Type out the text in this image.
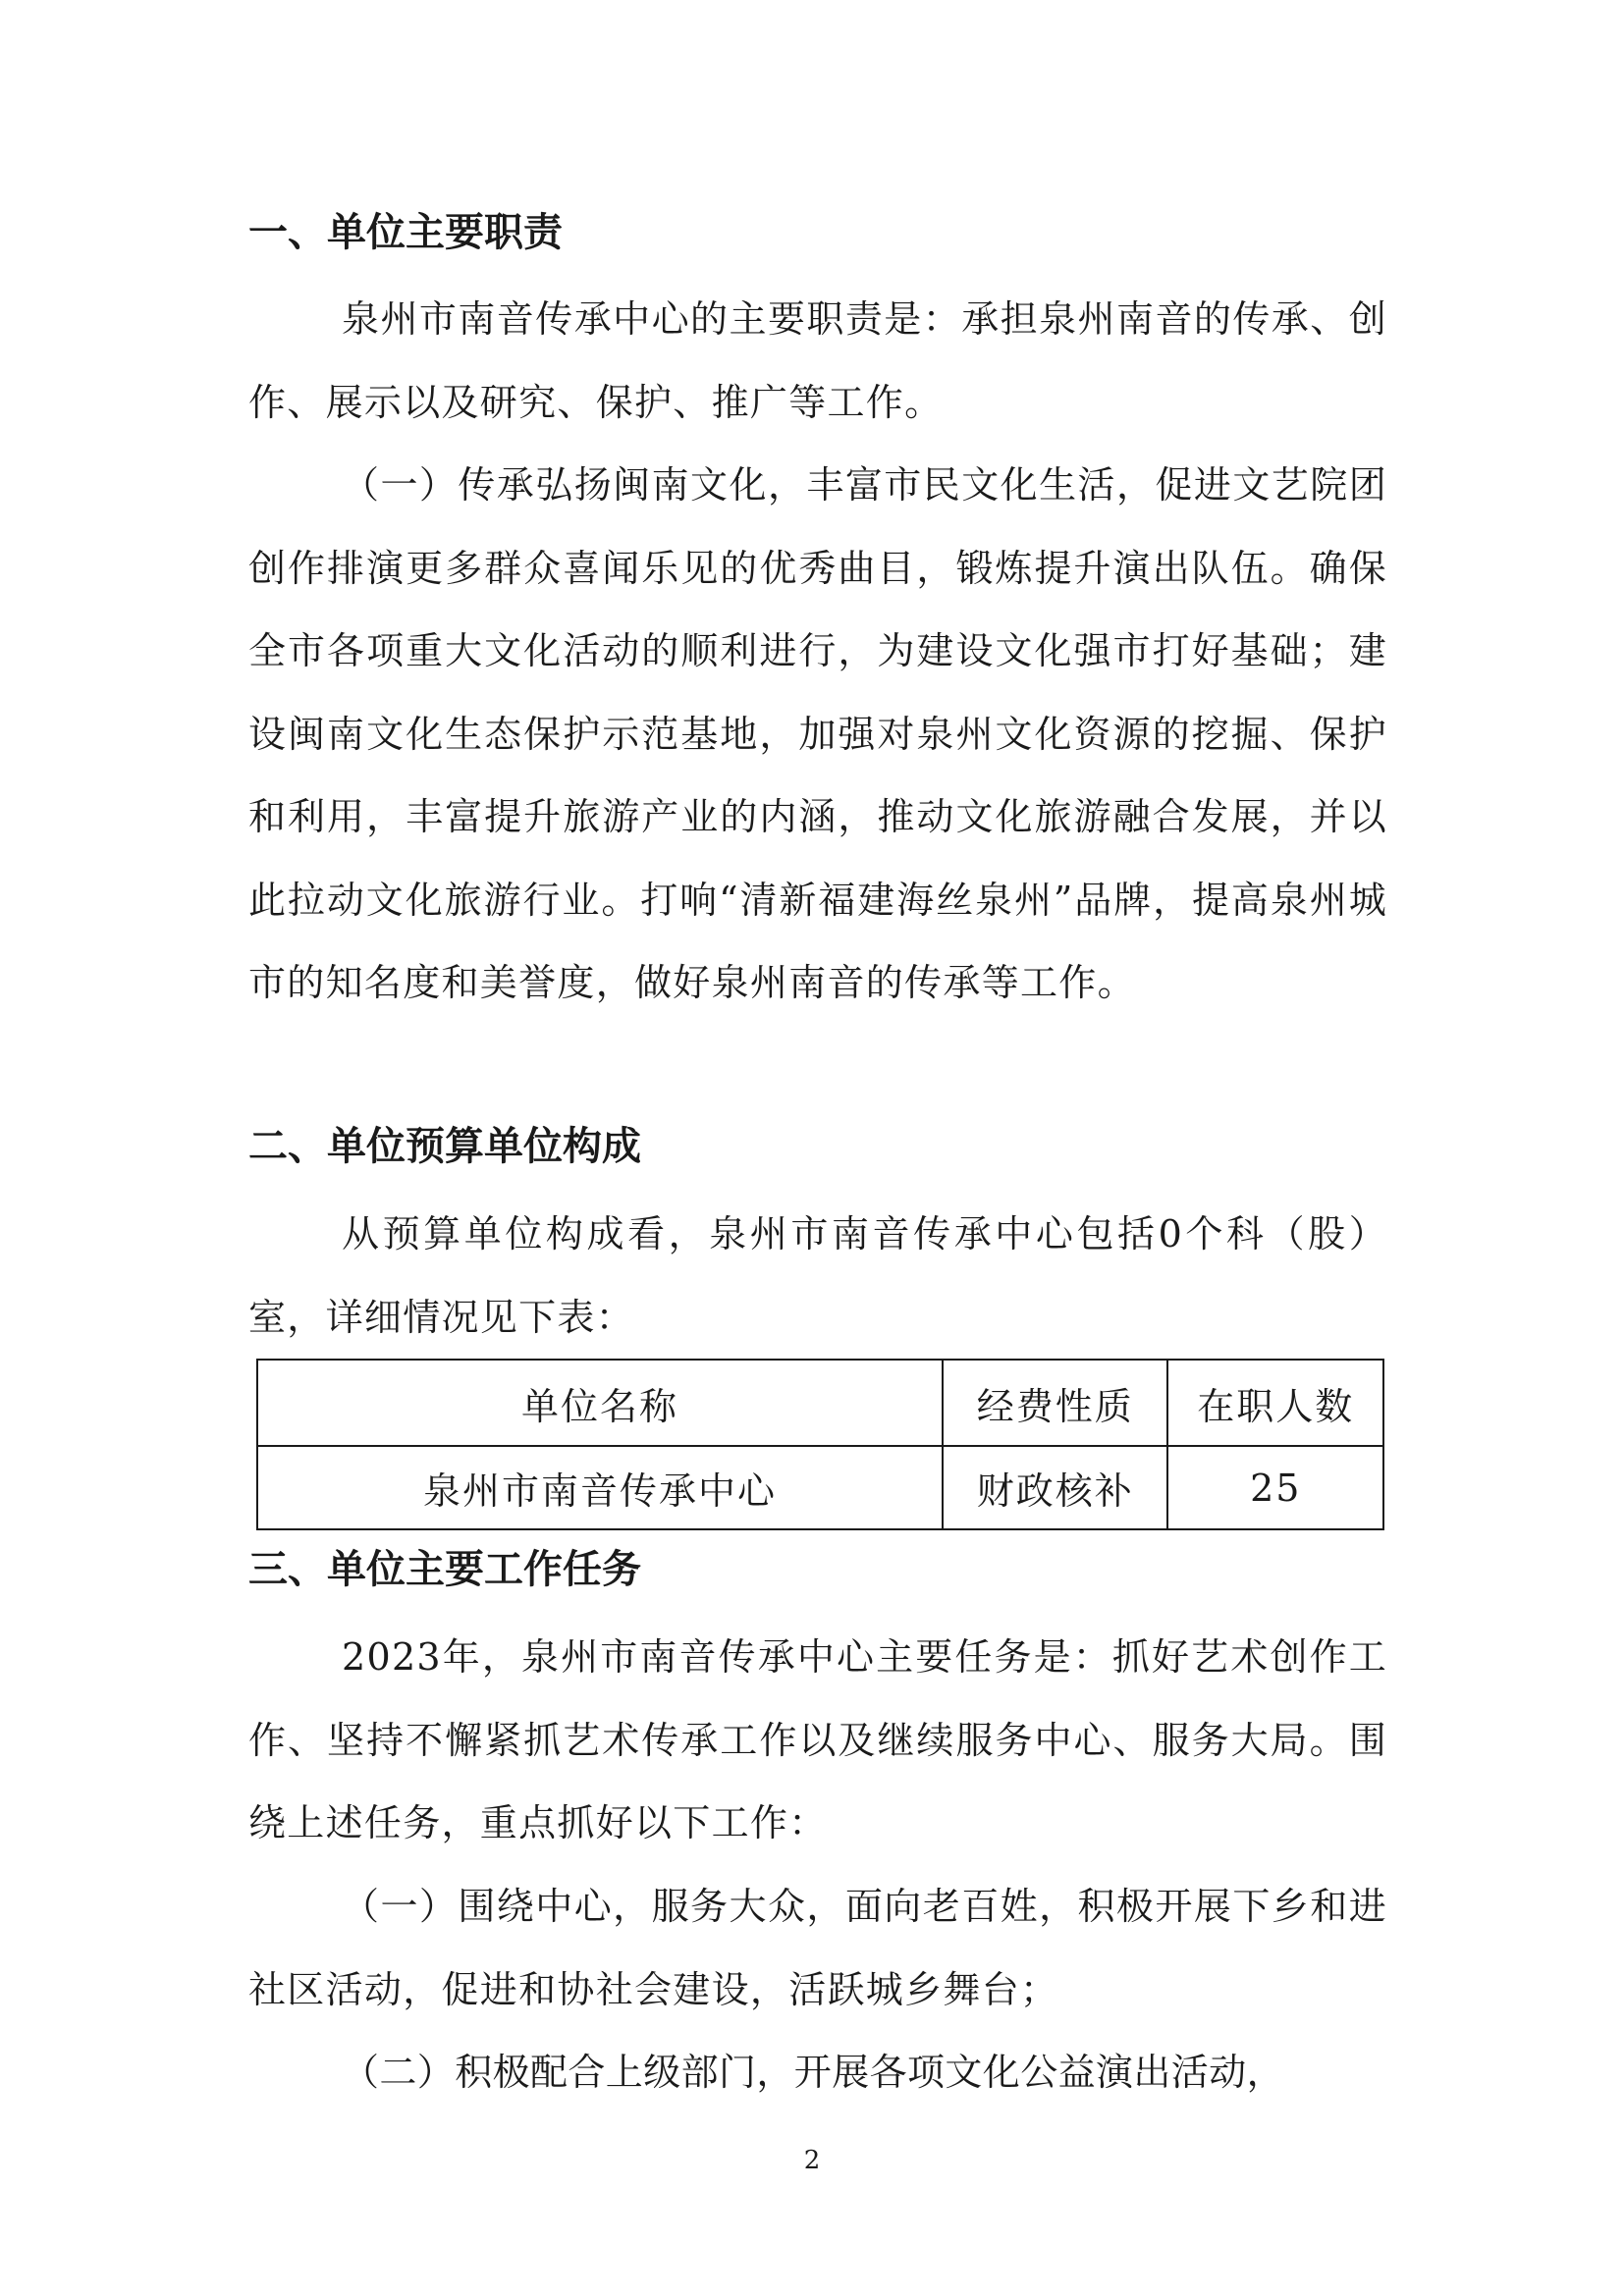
一、单位主要职责
泉州市南音传承中心的主要职责是：承担泉州南音的传承、创作、展示以及研究、保护、推广等工作。
（一）传承弘扬闽南文化，丰富市民文化生活，促进文艺院团创作排演更多群众喜闻乐见的优秀曲目，锻炼提升演出队伍。确保全市各项重大文化活动的顺利进行，为建设文化强市打好基础；建设闽南文化生态保护示范基地，加强对泉州文化资源的挖掘、保护和利用，丰富提升旅游产业的内涵，推动文化旅游融合发展，并以此拉动文化旅游行业。打响“清新福建海丝泉州”品牌，提高泉州城市的知名度和美誉度，做好泉州南音的传承等工作。
二、单位预算单位构成
从预算单位构成看，泉州市南音传承中心包括0个科（股）室，详细情况见下表：
单位名称	经费性质	在职人数
泉州市南音传承中心	财政核补	25
三、单位主要工作任务
2023年，泉州市南音传承中心主要任务是：抓好艺术创作工作、坚持不懈紧抓艺术传承工作以及继续服务中心、服务大局。围绕上述任务，重点抓好以下工作：
（一）围绕中心，服务大众，面向老百姓，积极开展下乡和进社区活动，促进和协社会建设，活跃城乡舞台；
（二）积极配合上级部门，开展各项文化公益演出活动，
2
